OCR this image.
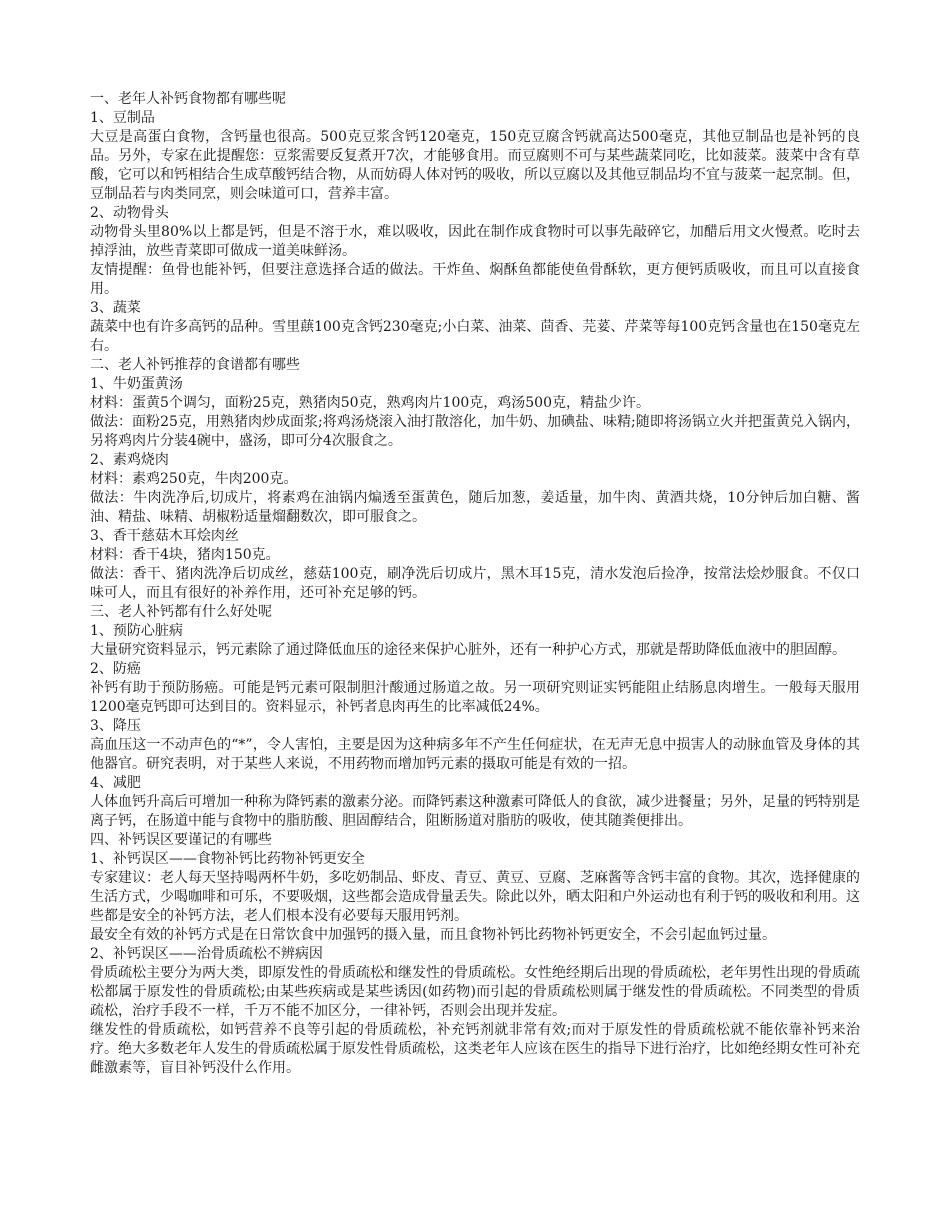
一、老年人补钙食物都有哪些呢

1、豆制品

大豆是高蛋白食物，含钙量也很高。500克豆浆含钙120毫克，150克豆腐含钙就高达500毫克，其他豆制品也是补钙的良品。另外，专家在此提醒您：豆浆需要反复煮开7次，才能够食用。而豆腐则不可与某些蔬菜同吃，比如菠菜。菠菜中含有草酸，它可以和钙相结合生成草酸钙结合物，从而妨碍人体对钙的吸收，所以豆腐以及其他豆制品均不宜与菠菜一起烹制。但，豆制品若与肉类同烹，则会味道可口，营养丰富。

2、动物骨头

动物骨头里80%以上都是钙，但是不溶于水，难以吸收，因此在制作成食物时可以事先敲碎它，加醋后用文火慢煮。吃时去掉浮油，放些青菜即可做成一道美味鲜汤。

友情提醒：鱼骨也能补钙，但要注意选择合适的做法。干炸鱼、焖酥鱼都能使鱼骨酥软，更方便钙质吸收，而且可以直接食用。

3、蔬菜

蔬菜中也有许多高钙的品种。雪里蕻100克含钙230毫克;小白菜、油菜、茴香、芫荽、芹菜等每100克钙含量也在150毫克左右。

二、老人补钙推荐的食谱都有哪些

1、牛奶蛋黄汤

材料：蛋黄5个调匀，面粉25克，熟猪肉50克，熟鸡肉片100克，鸡汤500克，精盐少许。

做法：面粉25克，用熟猪肉炒成面浆;将鸡汤烧滚入油打散溶化，加牛奶、加碘盐、味精;随即将汤锅立火并把蛋黄兑入锅内，另将鸡肉片分装4碗中，盛汤，即可分4次服食之。

2、素鸡烧肉

材料：素鸡250克，牛肉200克。

做法：牛肉洗净后,切成片，将素鸡在油锅内煸透至蛋黄色，随后加葱，姜适量，加牛肉、黄酒共烧，10分钟后加白糖、酱油、精盐、味精、胡椒粉适量熘翻数次，即可服食之。

3、香干慈菇木耳烩肉丝

材料：香干4块，猪肉150克。

做法：香干、猪肉洗净后切成丝，慈菇100克，刷净洗后切成片，黑木耳15克，清水发泡后捡净，按常法烩炒服食。不仅口味可人，而且有很好的补养作用，还可补充足够的钙。

三、老人补钙都有什么好处呢

1、预防心脏病

大量研究资料显示，钙元素除了通过降低血压的途径来保护心脏外，还有一种护心方式，那就是帮助降低血液中的胆固醇。

2、防癌

补钙有助于预防肠癌。可能是钙元素可限制胆汁酸通过肠道之故。另一项研究则证实钙能阻止结肠息肉增生。一般每天服用1200毫克钙即可达到目的。资料显示，补钙者息肉再生的比率减低24%。

3、降压

高血压这一不动声色的“*”，令人害怕，主要是因为这种病多年不产生任何症状，在无声无息中损害人的动脉血管及身体的其他器官。研究表明，对于某些人来说，不用药物而增加钙元素的摄取可能是有效的一招。

4、减肥

人体血钙升高后可增加一种称为降钙素的激素分泌。而降钙素这种激素可降低人的食欲，减少进餐量；另外，足量的钙特别是离子钙，在肠道中能与食物中的脂肪酸、胆固醇结合，阻断肠道对脂肪的吸收，使其随粪便排出。

四、补钙误区要谨记的有哪些

1、补钙误区——食物补钙比药物补钙更安全

专家建议：老人每天坚持喝两杯牛奶，多吃奶制品、虾皮、青豆、黄豆、豆腐、芝麻酱等含钙丰富的食物。其次，选择健康的生活方式，少喝咖啡和可乐，不要吸烟，这些都会造成骨量丢失。除此以外，晒太阳和户外运动也有利于钙的吸收和利用。这些都是安全的补钙方法，老人们根本没有必要每天服用钙剂。

最安全有效的补钙方式是在日常饮食中加强钙的摄入量，而且食物补钙比药物补钙更安全，不会引起血钙过量。

2、补钙误区——治骨质疏松不辨病因

骨质疏松主要分为两大类，即原发性的骨质疏松和继发性的骨质疏松。女性绝经期后出现的骨质疏松，老年男性出现的骨质疏松都属于原发性的骨质疏松;由某些疾病或是某些诱因(如药物)而引起的骨质疏松则属于继发性的骨质疏松。不同类型的骨质疏松，治疗手段不一样，千万不能不加区分，一律补钙，否则会出现并发症。

继发性的骨质疏松，如钙营养不良等引起的骨质疏松，补充钙剂就非常有效;而对于原发性的骨质疏松就不能依靠补钙来治疗。绝大多数老年人发生的骨质疏松属于原发性骨质疏松，这类老年人应该在医生的指导下进行治疗，比如绝经期女性可补充雌激素等，盲目补钙没什么作用。
